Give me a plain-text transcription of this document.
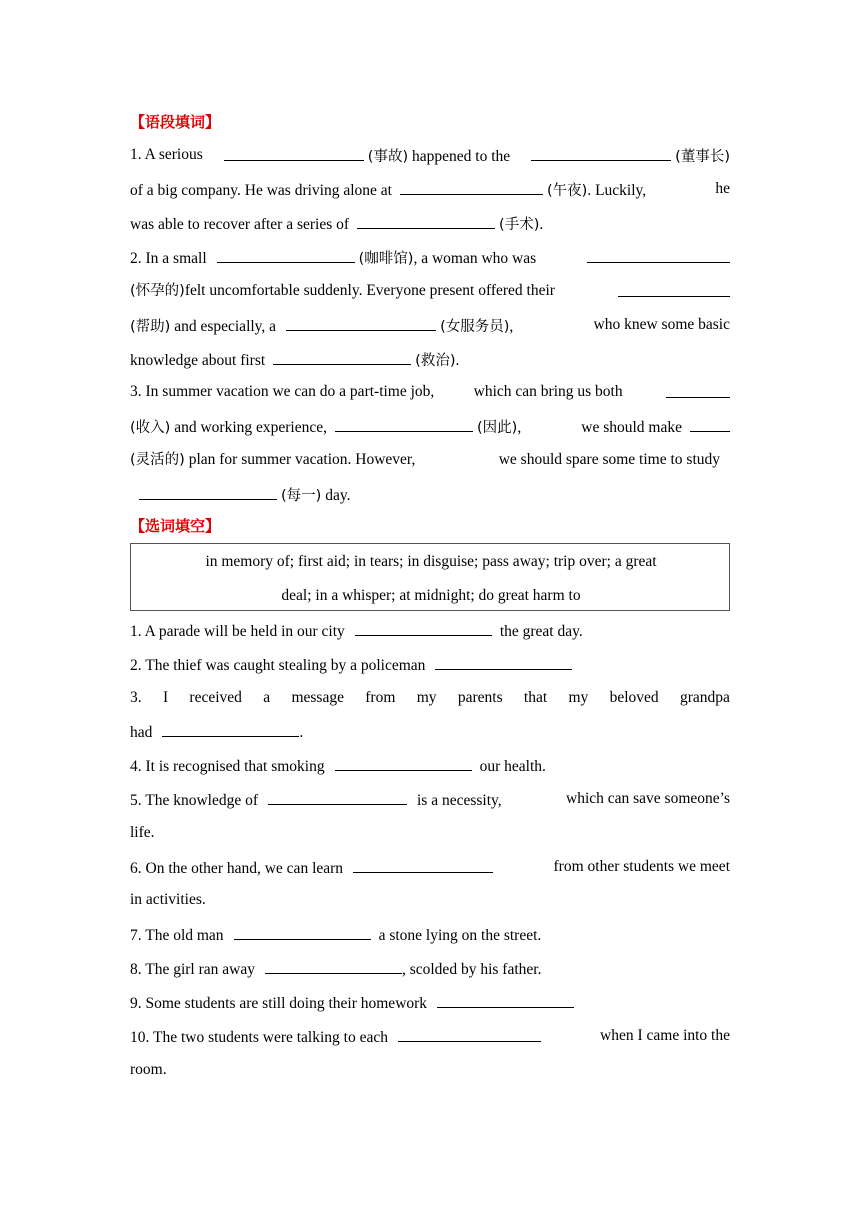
【语段填词】
1. A serious	(事故) happened to the	(董事长)
of a big company. He was driving alone at	(午夜). Luckily,	he
was able to recover after a series of	(手术).
2. In a small	(咖啡馆), a woman who was
(怀孕的)felt uncomfortable suddenly. Everyone present offered their
(帮助) and especially, a	(女服务员),	who knew some basic
knowledge about first	(救治).
3. In summer vacation we can do a part-time job,	which can bring us both
(收入) and working experience,	(因此),	we should make
(灵活的) plan for summer vacation. However,	we should spare some time to study
(每一) day.
【选词填空】
in memory of; first aid; in tears; in disguise; pass away; trip over; a great
deal; in a whisper; at midnight; do great harm to
1. A parade will be held in our city	the great day.
2. The thief was caught stealing by a policeman
3. I received a message from my parents that my beloved grandpa
had	.
4. It is recognised that smoking	our health.
5. The knowledge of	is a necessity,	which can save someone’s
life.
6. On the other hand, we can learn	from other students we meet
in activities.
7. The old man	a stone lying on the street.
8. The girl ran away	, scolded by his father.
9. Some students are still doing their homework
10. The two students were talking to each	when I came into the
room.
